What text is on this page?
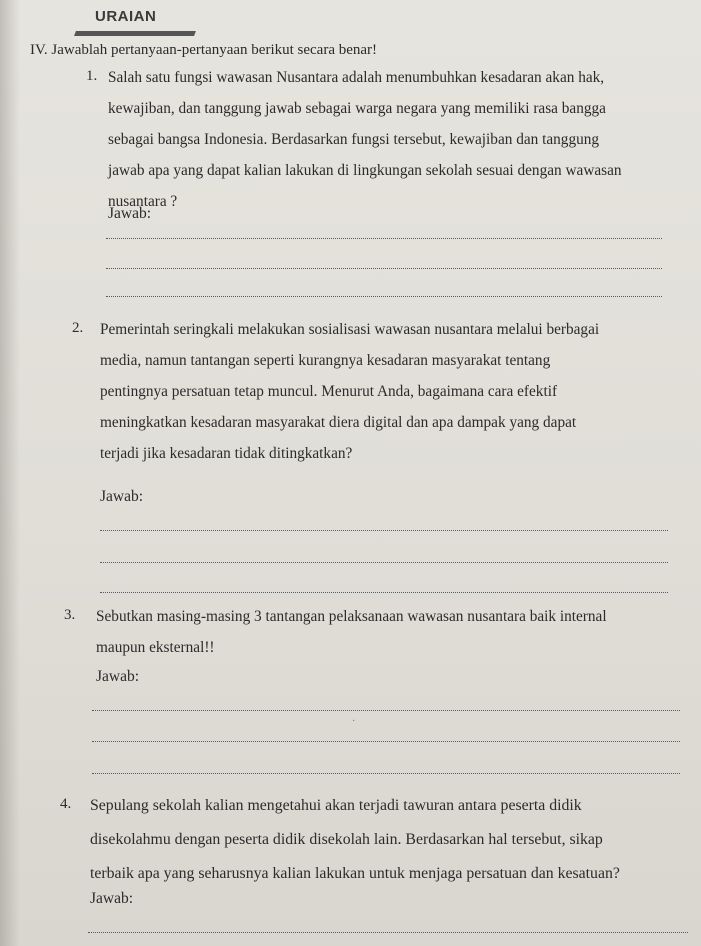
URAIAN
IV. Jawablah pertanyaan-pertanyaan berikut secara benar!
1. Salah satu fungsi wawasan Nusantara adalah menumbuhkan kesadaran akan hak,
kewajiban, dan tanggung jawab sebagai warga negara yang memiliki rasa bangga
sebagai bangsa Indonesia. Berdasarkan fungsi tersebut, kewajiban dan tanggung
jawab apa yang dapat kalian lakukan di lingkungan sekolah sesuai dengan wawasan
nusantara ?
Jawab:
2. Pemerintah seringkali melakukan sosialisasi wawasan nusantara melalui berbagai
media, namun tantangan seperti kurangnya kesadaran masyarakat tentang
pentingnya persatuan tetap muncul. Menurut Anda, bagaimana cara efektif
meningkatkan kesadaran masyarakat diera digital dan apa dampak yang dapat
terjadi jika kesadaran tidak ditingkatkan?
Jawab:
3. Sebutkan masing-masing 3 tantangan pelaksanaan wawasan nusantara baik internal
maupun eksternal!!
Jawab:
·
4. Sepulang sekolah kalian mengetahui akan terjadi tawuran antara peserta didik
disekolahmu dengan peserta didik disekolah lain. Berdasarkan hal tersebut, sikap
terbaik apa yang seharusnya kalian lakukan untuk menjaga persatuan dan kesatuan?
Jawab:
